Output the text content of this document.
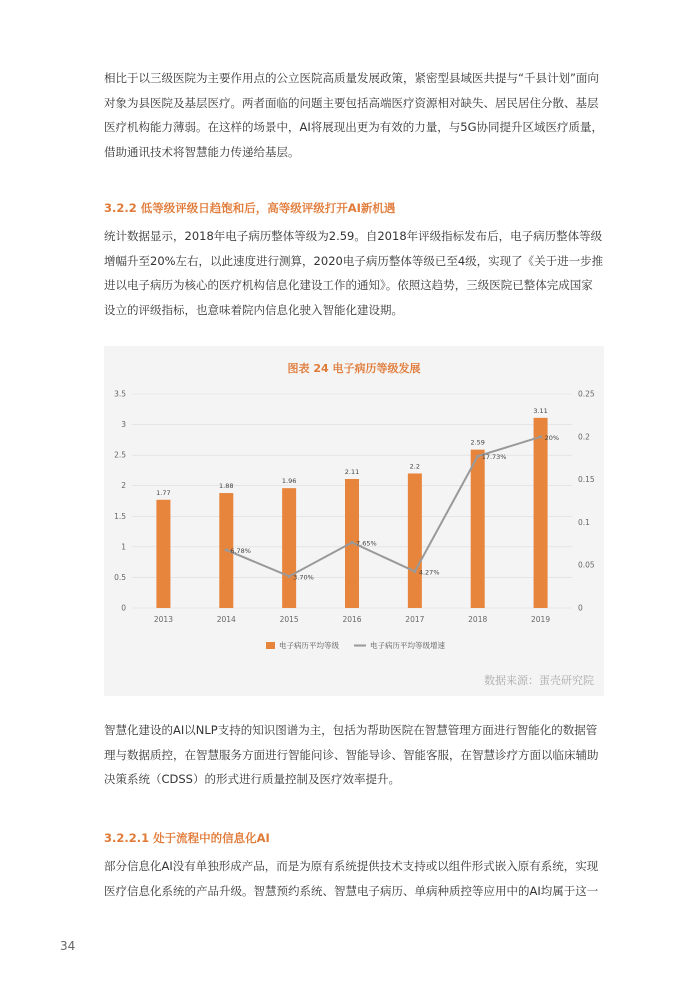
相比于以三级医院为主要作用点的公立医院高质量发展政策，紧密型县域医共提与“千县计划”面向对象为县医院及基层医疗。两者面临的问题主要包括高端医疗资源相对缺失、居民居住分散、基层医疗机构能力薄弱。在这样的场景中，AI将展现出更为有效的力量，与5G协同提升区域医疗质量，借助通讯技术将智慧能力传递给基层。

3.2.2 低等级评级日趋饱和后，高等级评级打开AI新机遇

统计数据显示，2018年电子病历整体等级为2.59。自2018年评级指标发布后，电子病历整体等级增幅升至20%左右，以此速度进行测算，2020电子病历整体等级已至4级，实现了《关于进一步推进以电子病历为核心的医疗机构信息化建设工作的通知》。依照这趋势，三级医院已整体完成国家设立的评级指标，也意味着院内信息化驶入智能化建设期。

图表 24 电子病历等级发展
0
0.5
1
1.5
2
2.5
3
3.5
0
0.05
0.1
0.15
0.2
0.25
2013	2014	2015	2016	2017	2018	2019
1.77
1.88
1.96
2.11
2.2
2.59
3.11
6.78%
3.70%
7.65%
4.27%
17.73%
20%
电子病历平均等级	电子病历平均等级增速
数据来源：蛋壳研究院

智慧化建设的AI以NLP支持的知识图谱为主，包括为帮助医院在智慧管理方面进行智能化的数据管理与数据质控，在智慧服务方面进行智能问诊、智能导诊、智能客服，在智慧诊疗方面以临床辅助决策系统（CDSS）的形式进行质量控制及医疗效率提升。

3.2.2.1 处于流程中的信息化AI

部分信息化AI没有单独形成产品，而是为原有系统提供技术支持或以组件形式嵌入原有系统，实现医疗信息化系统的产品升级。智慧预约系统、智慧电子病历、单病种质控等应用中的AI均属于这一

34
